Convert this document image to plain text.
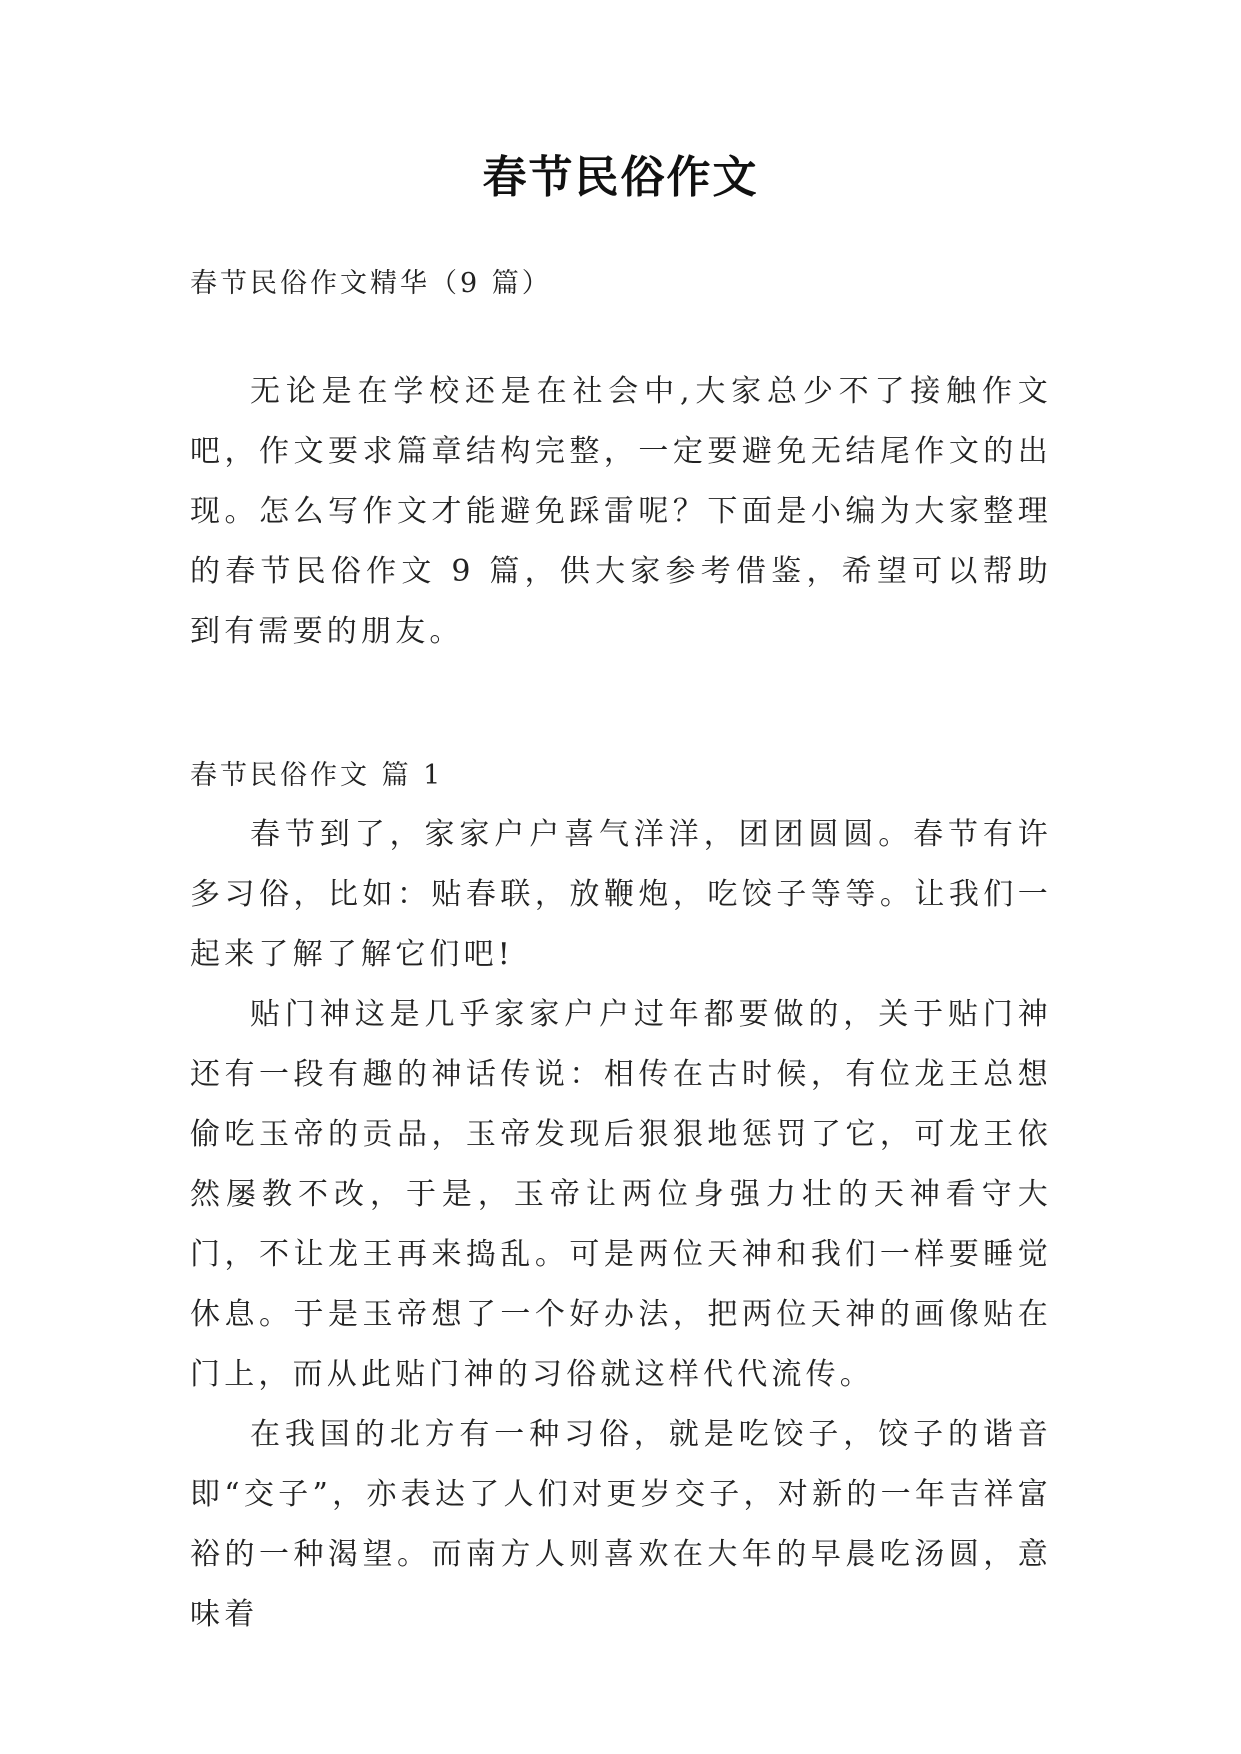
春节民俗作文
春节民俗作文精华（9 篇）

无论是在学校还是在社会中,大家总少不了接触作文吧，作文要求篇章结构完整，一定要避免无结尾作文的出现。怎么写作文才能避免踩雷呢？下面是小编为大家整理的春节民俗作文 9 篇，供大家参考借鉴，希望可以帮助到有需要的朋友。

春节民俗作文 篇 1

春节到了，家家户户喜气洋洋，团团圆圆。春节有许多习俗，比如：贴春联，放鞭炮，吃饺子等等。让我们一起来了解了解它们吧!

贴门神这是几乎家家户户过年都要做的，关于贴门神还有一段有趣的神话传说：相传在古时候，有位龙王总想偷吃玉帝的贡品，玉帝发现后狠狠地惩罚了它，可龙王依然屡教不改，于是，玉帝让两位身强力壮的天神看守大门，不让龙王再来捣乱。可是两位天神和我们一样要睡觉休息。于是玉帝想了一个好办法，把两位天神的画像贴在门上，而从此贴门神的习俗就这样代代流传。

在我国的北方有一种习俗，就是吃饺子，饺子的谐音即“交子”，亦表达了人们对更岁交子，对新的一年吉祥富裕的一种渴望。而南方人则喜欢在大年的早晨吃汤圆，意味着
